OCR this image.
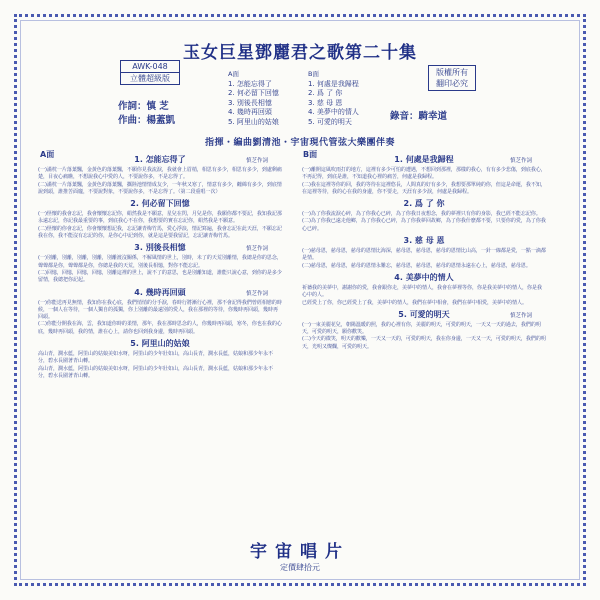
玉女巨星鄧麗君之歌第二十集
AWK-048
立體超級版
版權所有
翻印必究
作詞：慎 芝
作曲：楊蓋凱	錄音：騎幸道
A面	B面
1. 怎能忘得了
2. 何必留下回憶
3. 別後長相憶
4. 幾時再回頭
5. 阿里山的姑娘
1. 何處是我歸程
2. 爲 了 你
3. 慈 母 恩
4. 美夢中的情人
5. 可愛的明天
指揮・編曲劉清池・宇宙現代管弦大樂團伴奏
A面	B面
1. 怎能忘得了	慎芝作詞
(一)滿枕一片落葉飄，金黃色的落葉飄，不願你見我流淚，我就會上眉梢，相思有多少，相思有多少，到處剩痛楚，目夜心痛瞧，不想說我心中愛的人，不要說你多，不是忘得了。
(二)滿枕一片落葉飄，金黃色的落葉飄，攜陸池情情成友少，一年秋又寒了，情意有多少，纏綿有多少，到底情說到頭，誰推苦面龐，不要說對象，不要說你多，不是忘得了。（第二段重唱一次）
2. 何必留下回憶
(一)怪懷的我會忘記，我會懷懷忘記你，絹然我是不願意，星兒在閃，月兒是你，我願你都不要記，我知我記那永遠忘記，你記我最重要的事，到底我心不在你，我想要的實在忘記你，絹然我是不願意。
(二)怪懷的你會忘記，你會懷懷想記我，忘記讓青梅竹馬，愛心浮浪，情記寫遍，我會忘記在此天涯，不願忘記我在你，我不能沒有忘記的你，是你心中記到你，就是這是要我留記，忘記讓青梅竹馬。
3. 別後長相憶	慎芝作詞
(一)別離，別離，別離，別離，別離渡沒關係，不解風情的世上，別時，未了的天荒別離情，我總是你的思念，聲聲都是你，聲聲都是你，你總是我的天荒，別後長相憶，對你不能忘記。
(二)回憶，回憶，回憶，回憶，別離這裡的世上，說不了的意思，也是別離知道，誰能只說心意，到你的是多少留情，我總把你記起。
4. 幾時再回頭	慎芝作詞
(一)你能送再見無情，我知你在我心底，我們悄悄的分手淚，春時行將漸行心裡，那不會記得我們曾經相戀的時候，一個人在等待，一個人獨自的孤獨，你上別離的最遠別的愛人，我在那裡的等待，你幾時再回頭，幾時再回頭。
(二)你能分開我在海，雲，我知道你時的柔情，那年，我在那時思念的人，你幾時再回頭，寒冬，你也在我的心底，幾時再回頭，我的情，誰在心上，請你也回到我身邊，幾時再回頭。
5. 阿里山的姑娘
高山青，澗水藍，阿里山的姑娘美如水呀，阿里山的少年壯如山，高山長青，澗水長藍，姑娘和那少年永不分，碧水長圍著青山轉。
高山青，澗水藍，阿里山的姑娘美如水呀，阿里山的少年壯如山，高山長青，澗水長藍，姑娘和那少年永不分，碧水長圍著青山轉。
1. 何處是我歸程	慎芝作詞
(一)離開這風吹雨打的地方，這裡有多少可怕的遭遇，不想回到那裡，那樣的我心，有有多少悲傷，到底我心，不再記得，到底是誰，不知道我心裡的痛苦，何處是我歸程。
(二)我在這裡等你的回，我的等待在這裡悠長，人間真的好有多少，我想要那單純的你，但這是命運，我不知，在這裡等待，我的心在我的身邊，你不要走，天涯有多少淚，何處是我歸程。
2. 爲 了 你
(一)為了你我流淚心碎，為了你我心已碎，為了你我日夜想念，我的夢裡只有你的身影，我已經不能忘記你。
(二)為了你我已遠走他鄉，為了你我心已碎，為了你我夢回故鄉，為了你我什麼都不要，只要你的愛，為了你我心已碎。
3. 慈 母 恩
(一)慈母恩，慈母恩，慈母的恩情比海深，慈母恩，慈母恩，慈母的恩情比山高，一針一線都是愛，一點一滴都是情。
(二)慈母恩，慈母恩，慈母的恩情永難忘，慈母恩，慈母恩，慈母的恩情永遠在心上，慈母恩，慈母恩。
4. 美夢中的情人
祈禱我的美夢中，謝謝你的愛，我會跟你走，美夢中的情人，我會在夢裡等你，你是我美夢中的情人，你是我心中的人。
已經愛上了你，你已經愛上了我，美夢中的情人，我們在夢中相會，我們在夢中相愛，美夢中的情人。
5. 可愛的明天	慎芝作詞
(一)一束美麗花兒，朝陽溫暖的照，我的心裡有你，美麗的明天，可愛的明天，一天又一天的過去，我們的明天，可愛的明天，願你歡笑。
(二)今天的微笑，明天的歡樂，一天又一天的，可愛的明天，我在你身邊，一天又一天，可愛的明天，我們的明天，光明又燦爛，可愛的明天。
宇宙唱片
定價肆拾元
